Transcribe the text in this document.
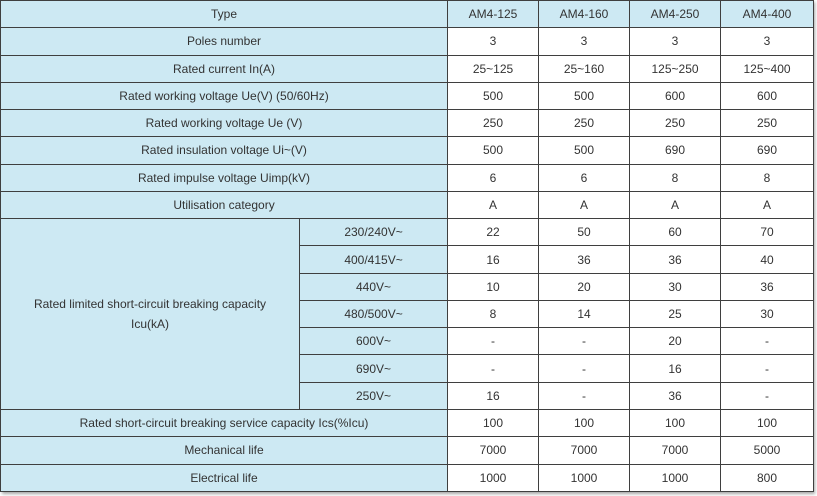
Type		AM4-125	AM4-160	AM4-250	AM4-400
Poles number		3	3	3	3
Rated current In(A)		25~125	25~160	125~250	125~400
Rated working voltage Ue(V) (50/60Hz)		500	500	600	600
Rated working voltage Ue (V)		250	250	250	250
Rated insulation voltage Ui~(V)		500	500	690	690
Rated impulse voltage Uimp(kV)		6	6	8	8
Utilisation category		A	A	A	A
Rated limited short-circuit breaking capacity
Icu(kA)	230/240V~	22	50	60	70
	400/415V~	16	36	36	40
	440V~	10	20	30	36
	480/500V~	8	14	25	30
	600V~	-	-	20	-
	690V~	-	-	16	-
	250V~	16	-	36	-
Rated short-circuit breaking service capacity Ics(%Icu)		100	100	100	100
Mechanical life		7000	7000	7000	5000
Electrical life		1000	1000	1000	800
